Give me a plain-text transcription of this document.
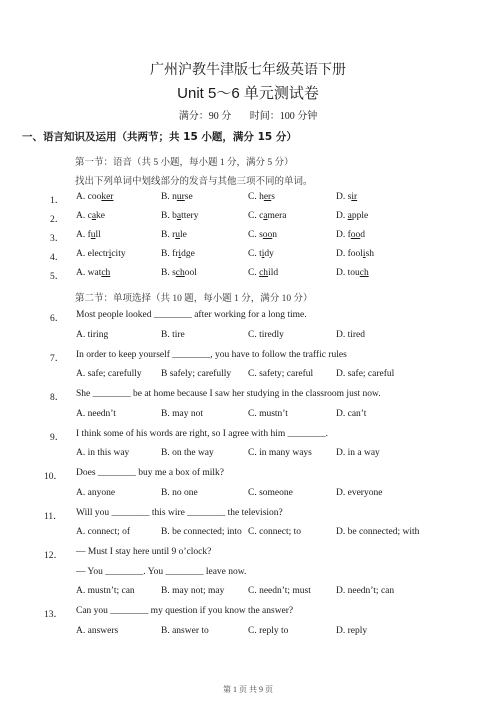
广州沪教牛津版七年级英语下册
Unit 5～6 单元测试卷
满分：90 分 时间：100 分钟
一、语言知识及运用（共两节；共 15 小题，满分 15 分）
第一节：语音（共 5 小题，每小题 1 分，满分 5 分）
找出下列单词中划线部分的发音与其他三项不同的单词。
1． A. cooker	B. nurse	C. hers	D. sir
2． A. cake	B. battery	C. camera	D. apple
3． A. full	B. rule	C. soon	D. food
4． A. electricity	B. fridge	C. tidy	D. foolish
5． A. watch	B. school	C. child	D. touch
第二节：单项选择（共 10 题，每小题 1 分，满分 10 分）
6． Most people looked ________ after working for a long time.
A. tiring	B. tire	C. tiredly	D. tired
7． In order to keep yourself ________, you have to follow the traffic rules
A. safe; carefully B safely; carefully C. safety; careful D. safe; careful
8． She ________ be at home because I saw her studying in the classroom just now.
A. needn’t	B. may not	C. mustn’t	D. can’t
9． I think some of his words are right, so I agree with him ________.
A. in this way	B. on the way	C. in many ways	D. in a way
10． Does ________ buy me a box of milk?
A. anyone	B. no one	C. someone	D. everyone
11． Will you ________ this wire ________ the television?
A. connect; of	B. be connected; into C. connect; to	D. be connected; with
12． — Must I stay here until 9 o’clock?
— You ________. You ________ leave now.
A. mustn’t; can	B. may not; may C. needn’t; must	D. needn’t; can
13． Can you ________ my question if you know the answer?
A. answers	B. answer to	C. reply to	D. reply
第 1 页 共 9 页
